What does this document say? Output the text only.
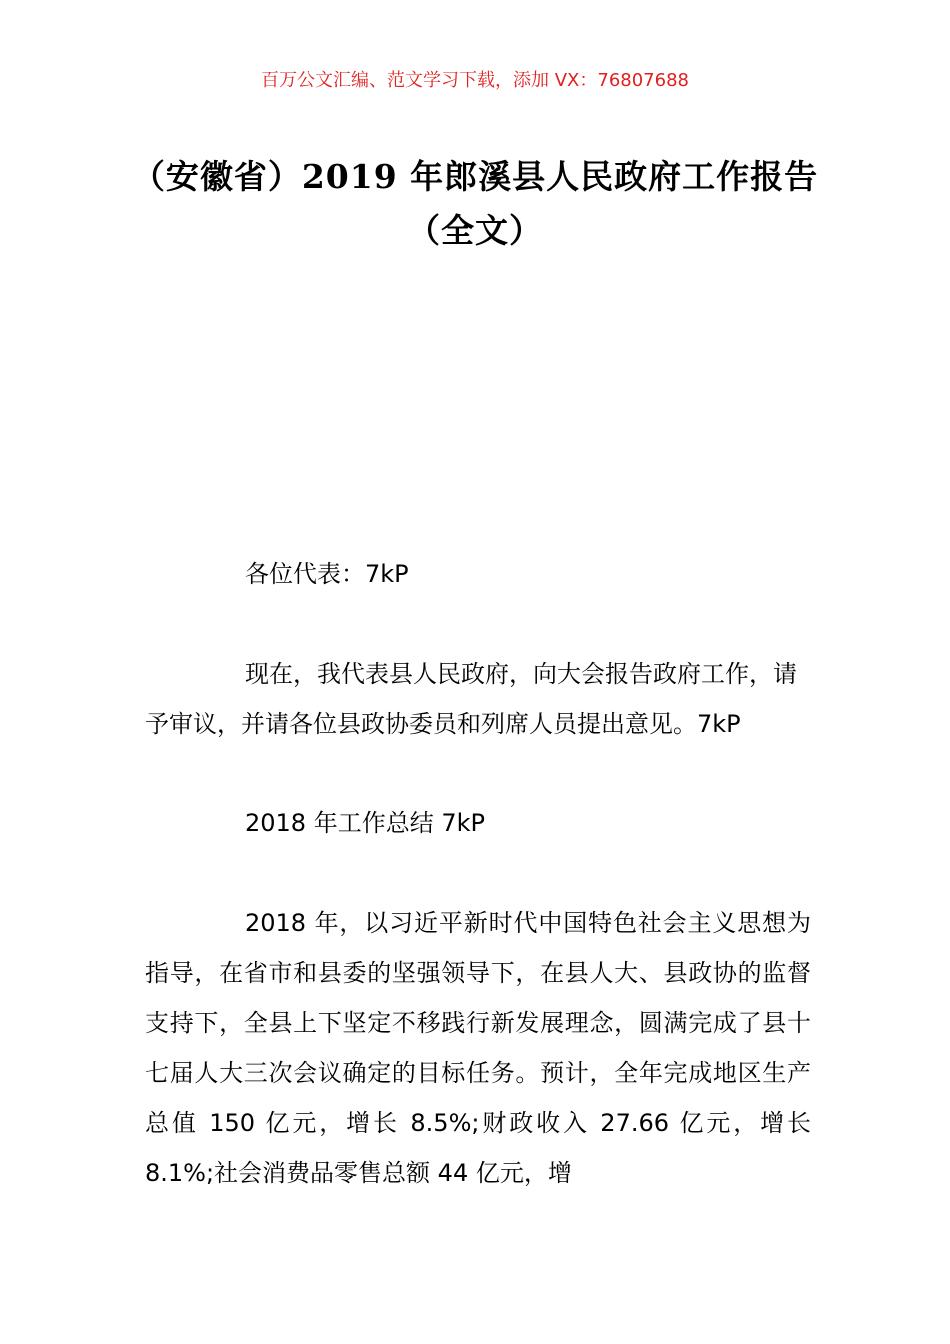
百万公文汇编、范文学习下载，添加 VX：76807688
（安徽省）2019 年郎溪县人民政府工作报告（全文）

各位代表：7kP

现在，我代表县人民政府，向大会报告政府工作，请予审议，并请各位县政协委员和列席人员提出意见。7kP

2018 年工作总结 7kP

2018 年，以习近平新时代中国特色社会主义思想为指导，在省市和县委的坚强领导下，在县人大、县政协的监督支持下，全县上下坚定不移践行新发展理念，圆满完成了县十七届人大三次会议确定的目标任务。预计，全年完成地区生产总值 150 亿元，增长 8.5%;财政收入 27.66 亿元，增长 8.1%;社会消费品零售总额 44 亿元，增
